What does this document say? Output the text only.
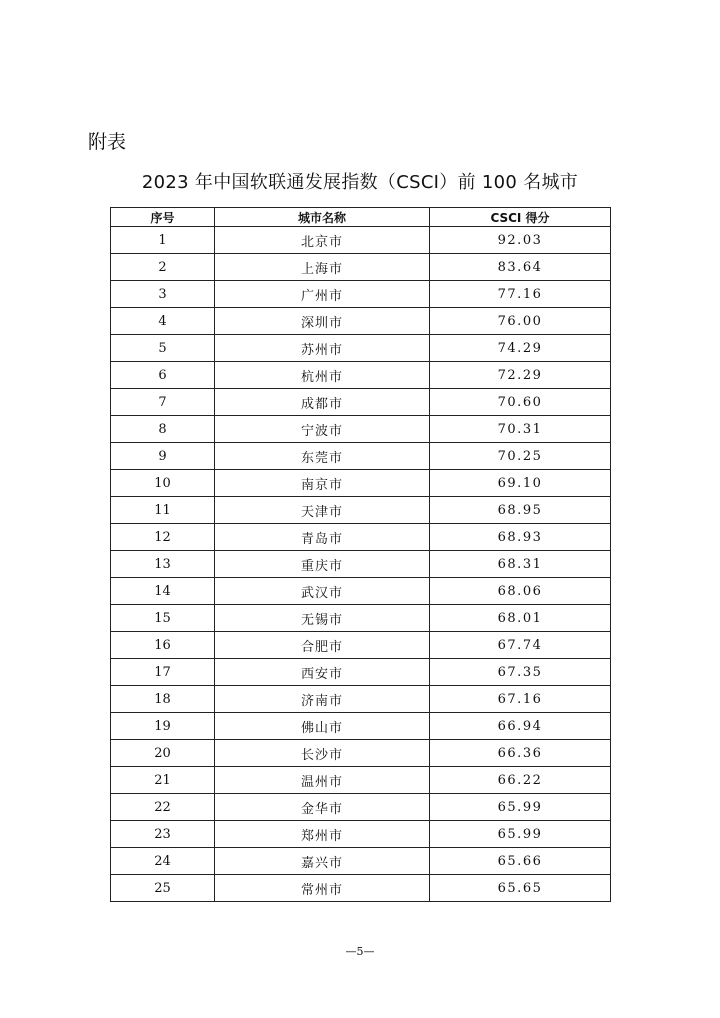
附表
2023 年中国软联通发展指数（CSCI）前 100 名城市
序号	城市名称	CSCI 得分
1	北京市	92.03
2	上海市	83.64
3	广州市	77.16
4	深圳市	76.00
5	苏州市	74.29
6	杭州市	72.29
7	成都市	70.60
8	宁波市	70.31
9	东莞市	70.25
10	南京市	69.10
11	天津市	68.95
12	青岛市	68.93
13	重庆市	68.31
14	武汉市	68.06
15	无锡市	68.01
16	合肥市	67.74
17	西安市	67.35
18	济南市	67.16
19	佛山市	66.94
20	长沙市	66.36
21	温州市	66.22
22	金华市	65.99
23	郑州市	65.99
24	嘉兴市	65.66
25	常州市	65.65
—5—
